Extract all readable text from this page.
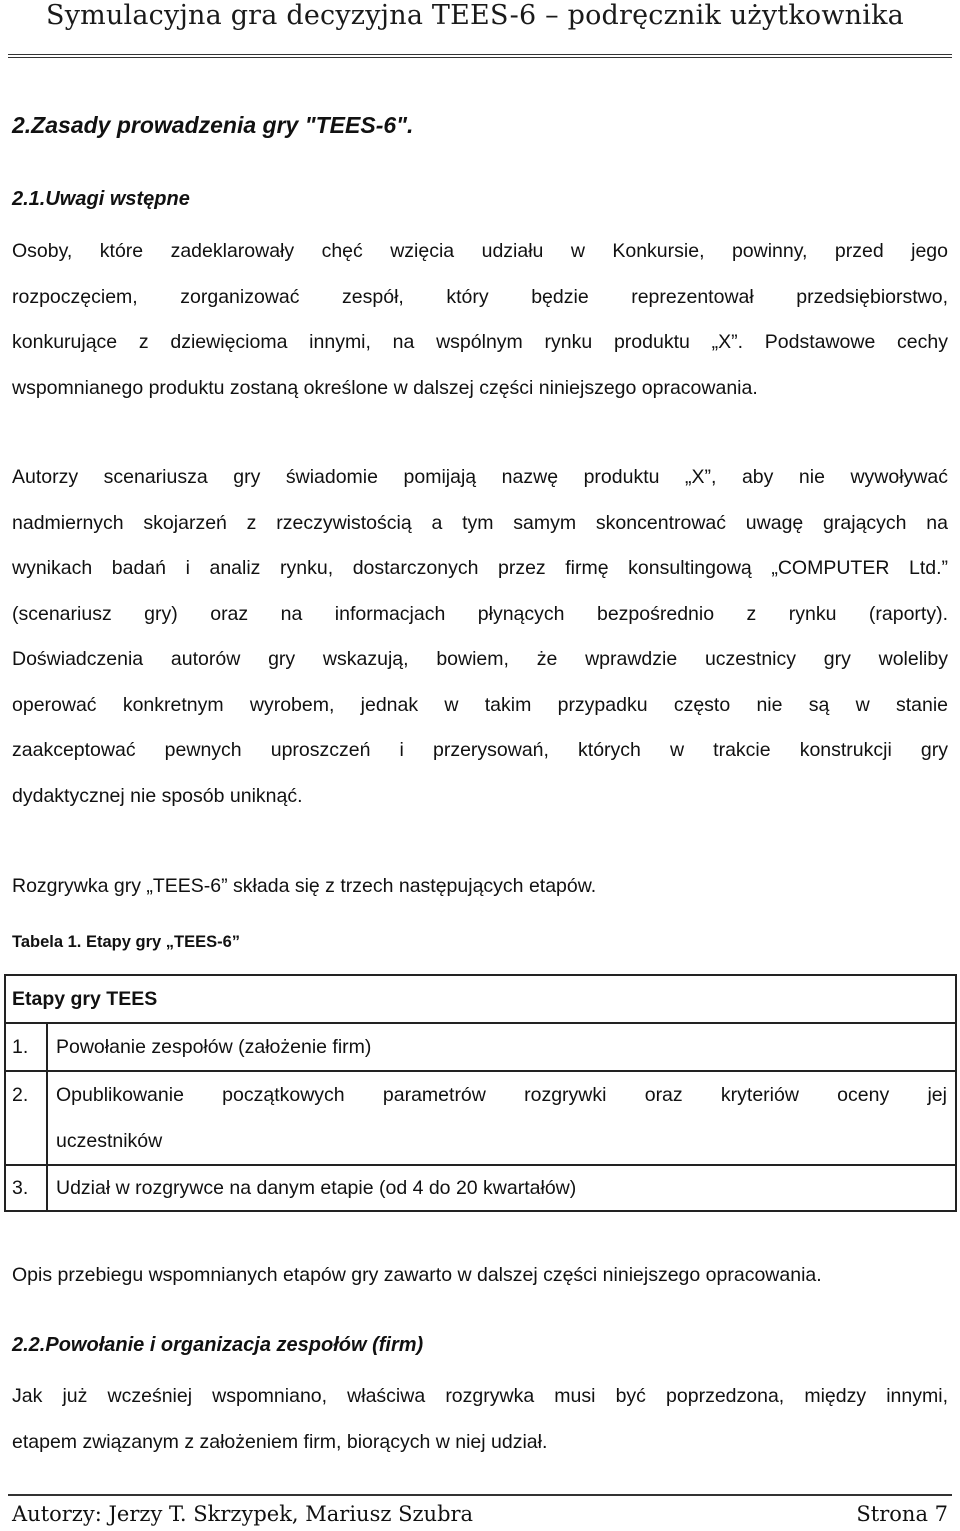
Symulacyjna gra decyzyjna TEES-6 – podręcznik użytkownika
2.Zasady prowadzenia gry "TEES-6".
2.1.Uwagi wstępne
Osoby, które zadeklarowały chęć wzięcia udziału w Konkursie, powinny, przed jego
rozpoczęciem, zorganizować zespół, który będzie reprezentował przedsiębiorstwo,
konkurujące z dziewięcioma innymi, na wspólnym rynku produktu „X”. Podstawowe cechy
wspomnianego produktu zostaną określone w dalszej części niniejszego opracowania.
Autorzy scenariusza gry świadomie pomijają nazwę produktu „X”, aby nie wywoływać
nadmiernych skojarzeń z rzeczywistością a tym samym skoncentrować uwagę grających na
wynikach badań i analiz rynku, dostarczonych przez firmę konsultingową „COMPUTER Ltd.”
(scenariusz gry) oraz na informacjach płynących bezpośrednio z rynku (raporty).
Doświadczenia autorów gry wskazują, bowiem, że wprawdzie uczestnicy gry woleliby
operować konkretnym wyrobem, jednak w takim przypadku często nie są w stanie
zaakceptować pewnych uproszczeń i przerysowań, których w trakcie konstrukcji gry
dydaktycznej nie sposób uniknąć.
Rozgrywka gry „TEES-6” składa się z trzech następujących etapów.
Tabela 1. Etapy gry „TEES-6”
Etapy gry TEES	
1.	Powołanie zespołów (założenie firm)
2.	Opublikowanie początkowych parametrów rozgrywki oraz kryteriów oceny jej
uczestników

3.	Udział w rozgrywce na danym etapie (od 4 do 20 kwartałów)
Opis przebiegu wspomnianych etapów gry zawarto w dalszej części niniejszego opracowania.
2.2.Powołanie i organizacja zespołów (firm)
Jak już wcześniej wspomniano, właściwa rozgrywka musi być poprzedzona, między innymi,
etapem związanym z założeniem firm, biorących w niej udział.
Autorzy: Jerzy T. Skrzypek, Mariusz Szubra	Strona 7
